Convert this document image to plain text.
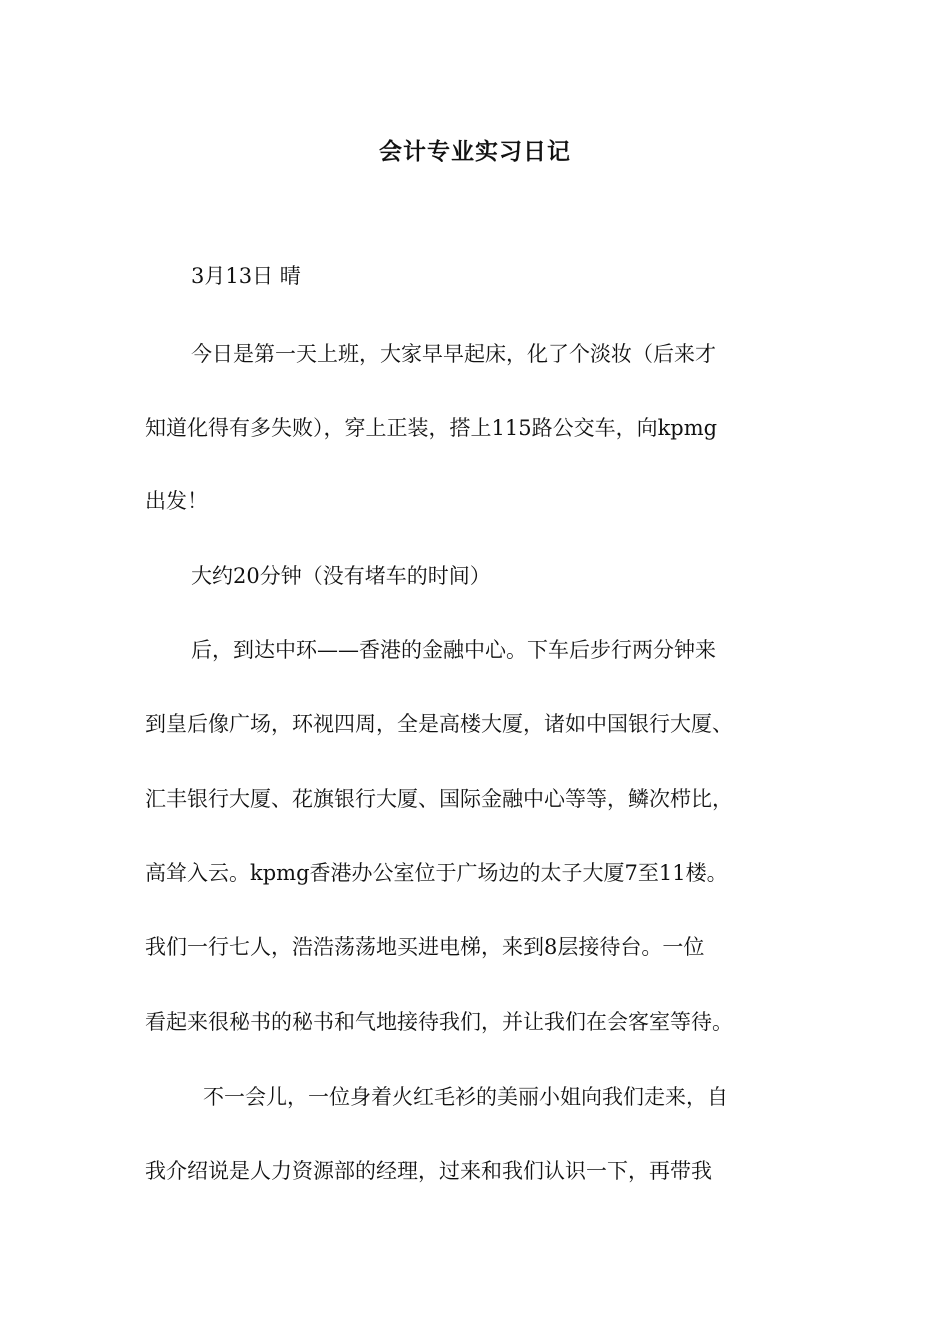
会计专业实习日记
3月13日 晴
今日是第一天上班，大家早早起床，化了个淡妆（后来才
知道化得有多失败），穿上正装，搭上115路公交车，向kpmg
出发！
大约20分钟（没有堵车的时间）
后，到达中环——香港的金融中心。下车后步行两分钟来
到皇后像广场，环视四周，全是高楼大厦，诸如中国银行大厦、
汇丰银行大厦、花旗银行大厦、国际金融中心等等，鳞次栉比，
高耸入云。kpmg香港办公室位于广场边的太子大厦7至11楼。
我们一行七人，浩浩荡荡地买进电梯，来到8层接待台。一位
看起来很秘书的秘书和气地接待我们，并让我们在会客室等待。
不一会儿，一位身着火红毛衫的美丽小姐向我们走来，自
我介绍说是人力资源部的经理，过来和我们认识一下，再带我
